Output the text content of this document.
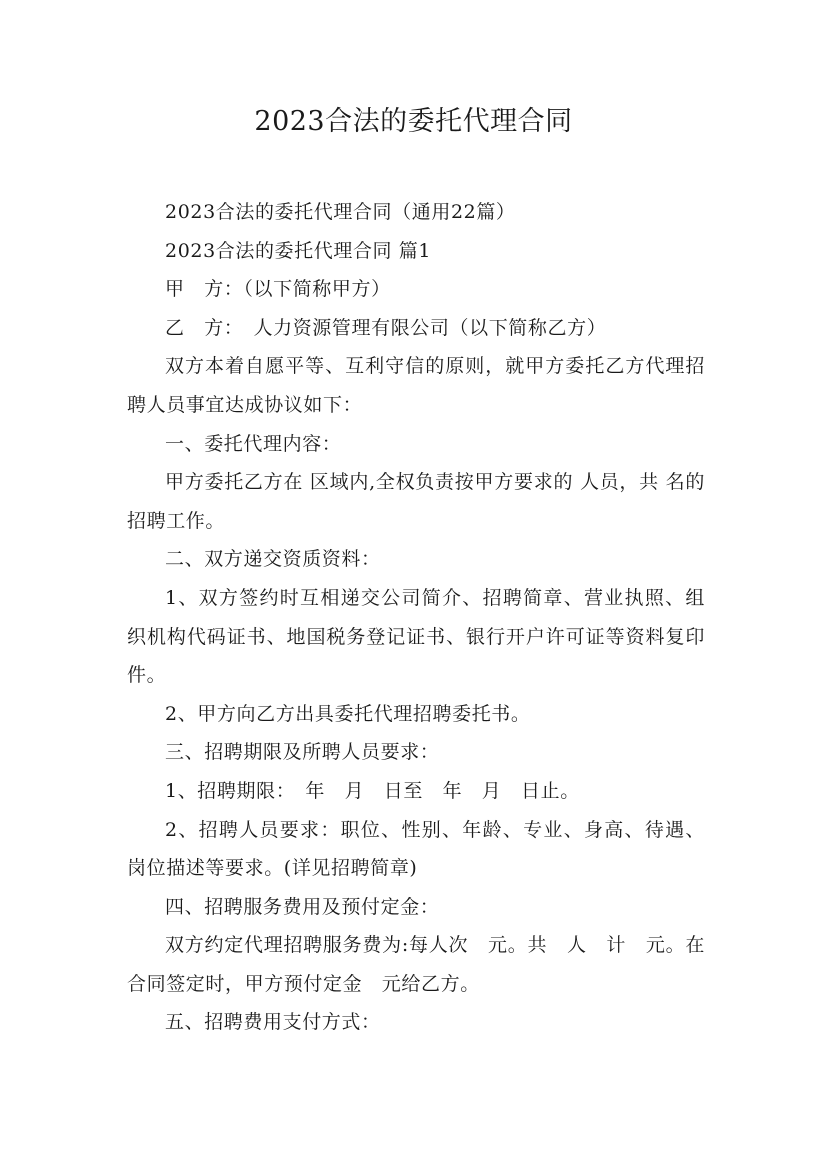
2023合法的委托代理合同

2023合法的委托代理合同（通用22篇）

2023合法的委托代理合同 篇1

甲　方：（以下简称甲方）

乙　方：　人力资源管理有限公司（以下简称乙方）

双方本着自愿平等、互利守信的原则，就甲方委托乙方代理招聘人员事宜达成协议如下：

一、委托代理内容：

甲方委托乙方在 区域内,全权负责按甲方要求的 人员，共 名的招聘工作。

二、双方递交资质资料：

1、双方签约时互相递交公司简介、招聘简章、营业执照、组织机构代码证书、地国税务登记证书、银行开户许可证等资料复印件。

2、甲方向乙方出具委托代理招聘委托书。

三、招聘期限及所聘人员要求：

1、招聘期限：　年　月　日至　年　月　日止。

2、招聘人员要求：职位、性别、年龄、专业、身高、待遇、岗位描述等要求。(详见招聘简章)

四、招聘服务费用及预付定金：

双方约定代理招聘服务费为:每人次　元。共　人　计　元。在合同签定时，甲方预付定金　元给乙方。

五、招聘费用支付方式：
